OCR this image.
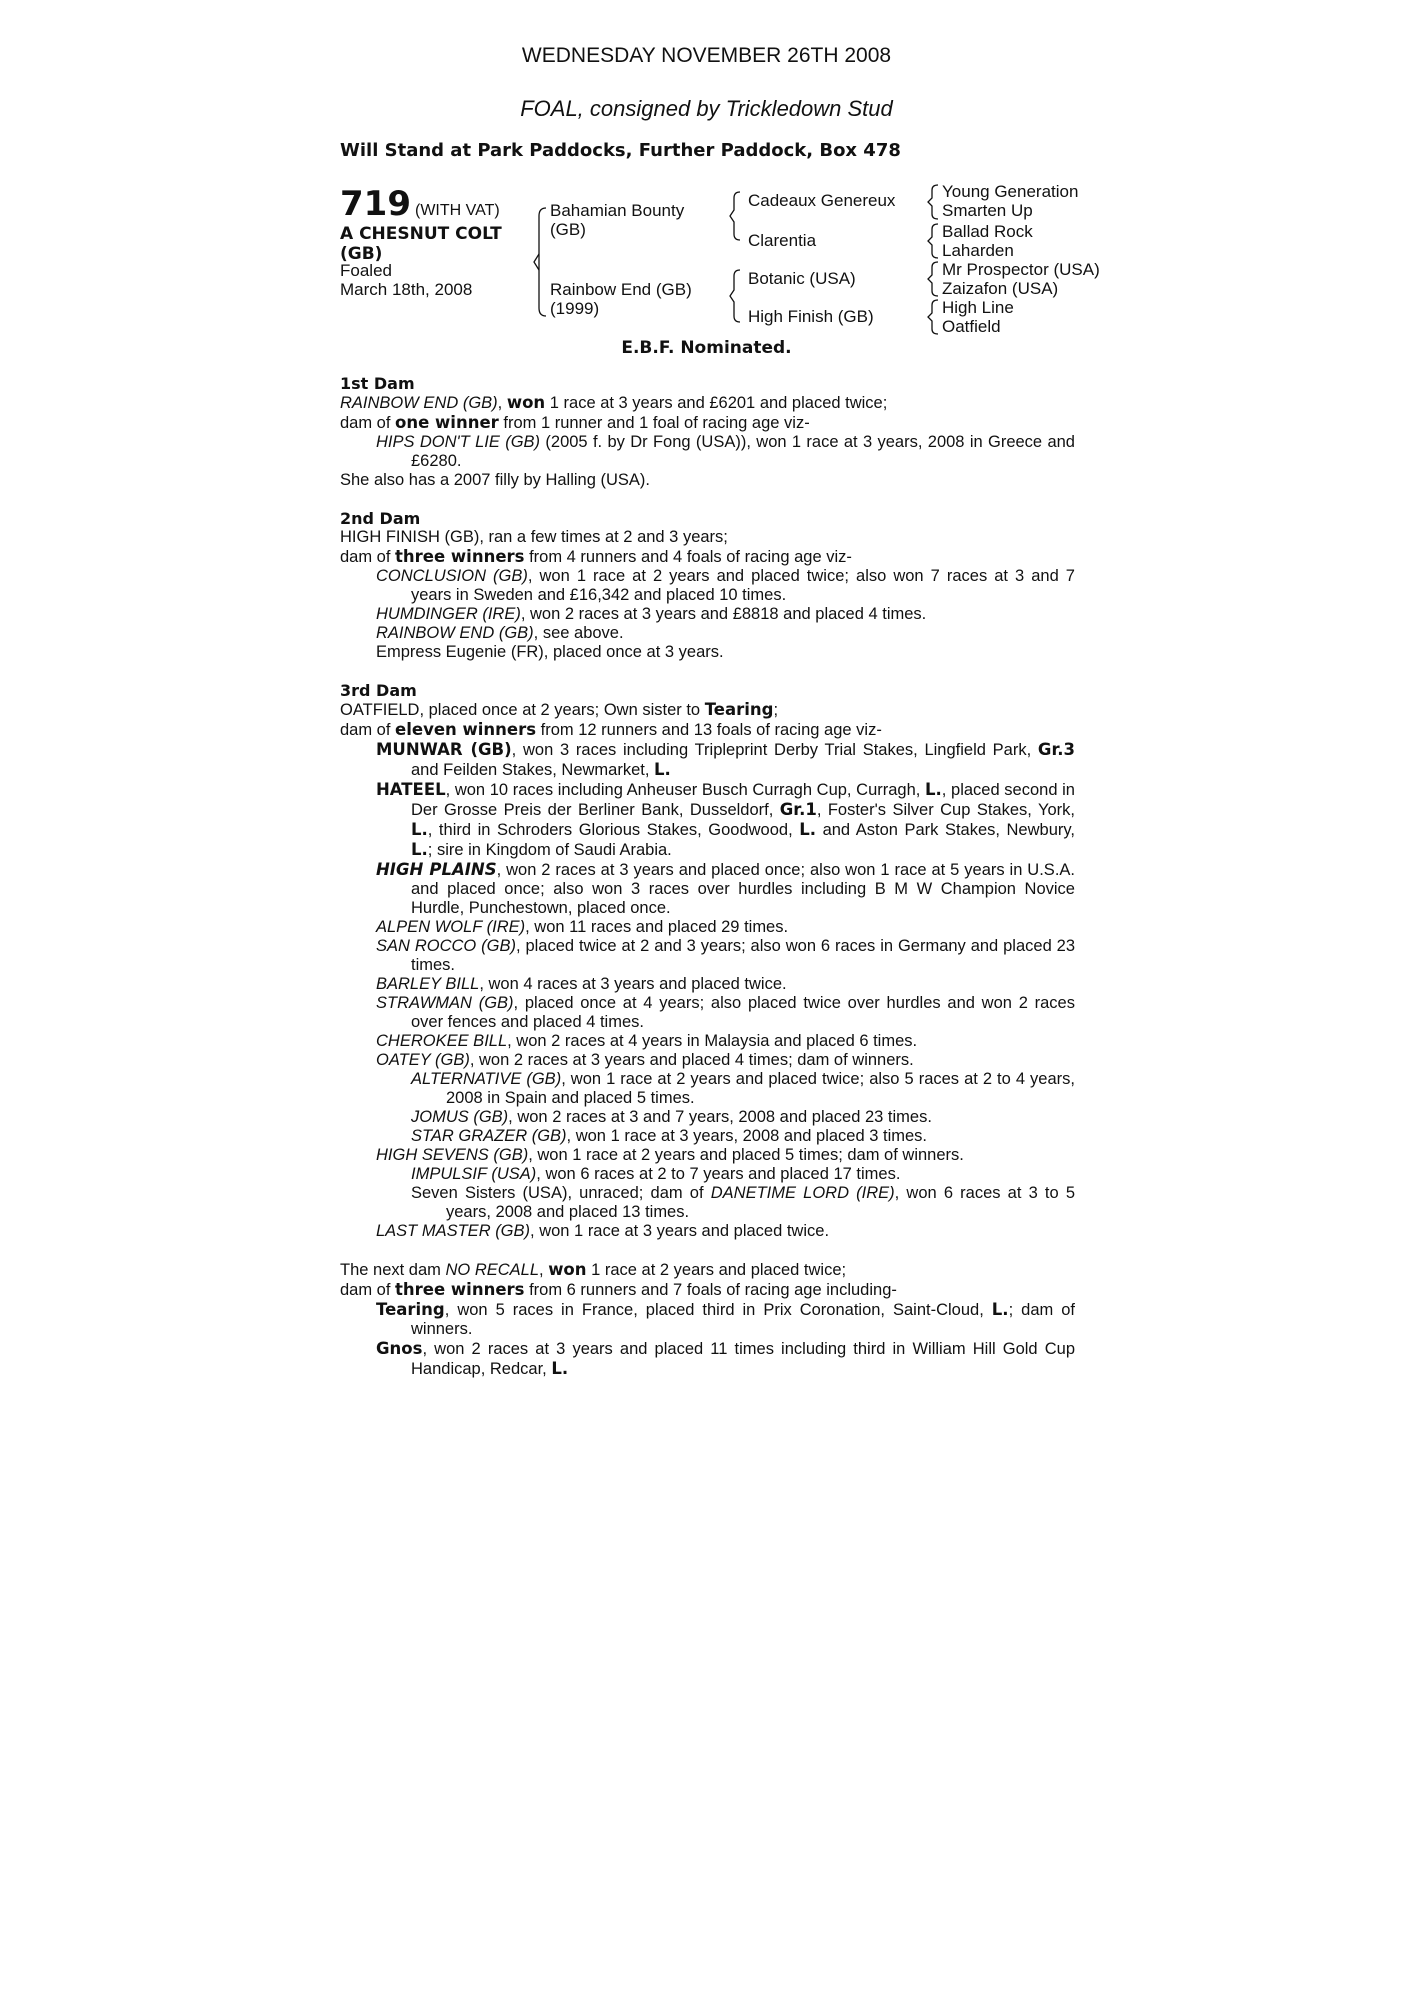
WEDNESDAY NOVEMBER 26TH 2008
FOAL, consigned by Trickledown Stud
Will Stand at Park Paddocks, Further Paddock, Box 478
719 (WITH VAT)
A CHESNUT COLT
(GB)
Foaled
March 18th, 2008
Bahamian Bounty
(GB)
Rainbow End (GB)
(1999)
Cadeaux Genereux
Clarentia
Botanic (USA)
High Finish (GB)
Young Generation
Smarten Up
Ballad Rock
Laharden
Mr Prospector (USA)
Zaizafon (USA)
High Line
Oatfield
E.B.F. Nominated.
1st Dam
RAINBOW END (GB), won 1 race at 3 years and £6201 and placed twice;
dam of one winner from 1 runner and 1 foal of racing age viz-
HIPS DON'T LIE (GB) (2005 f. by Dr Fong (USA)), won 1 race at 3 years, 2008 in Greece and £6280.
She also has a 2007 filly by Halling (USA).
2nd Dam
HIGH FINISH (GB), ran a few times at 2 and 3 years;
dam of three winners from 4 runners and 4 foals of racing age viz-
CONCLUSION (GB), won 1 race at 2 years and placed twice; also won 7 races at 3 and 7 years in Sweden and £16,342 and placed 10 times.
HUMDINGER (IRE), won 2 races at 3 years and £8818 and placed 4 times.
RAINBOW END (GB), see above.
Empress Eugenie (FR), placed once at 3 years.
3rd Dam
OATFIELD, placed once at 2 years; Own sister to Tearing;
dam of eleven winners from 12 runners and 13 foals of racing age viz-
MUNWAR (GB), won 3 races including Tripleprint Derby Trial Stakes, Lingfield Park, Gr.3 and Feilden Stakes, Newmarket, L.
HATEEL, won 10 races including Anheuser Busch Curragh Cup, Curragh, L., placed second in Der Grosse Preis der Berliner Bank, Dusseldorf, Gr.1, Foster's Silver Cup Stakes, York, L., third in Schroders Glorious Stakes, Goodwood, L. and Aston Park Stakes, Newbury, L.; sire in Kingdom of Saudi Arabia.
HIGH PLAINS, won 2 races at 3 years and placed once; also won 1 race at 5 years in U.S.A. and placed once; also won 3 races over hurdles including B M W Champion Novice Hurdle, Punchestown, placed once.
ALPEN WOLF (IRE), won 11 races and placed 29 times.
SAN ROCCO (GB), placed twice at 2 and 3 years; also won 6 races in Germany and placed 23 times.
BARLEY BILL, won 4 races at 3 years and placed twice.
STRAWMAN (GB), placed once at 4 years; also placed twice over hurdles and won 2 races over fences and placed 4 times.
CHEROKEE BILL, won 2 races at 4 years in Malaysia and placed 6 times.
OATEY (GB), won 2 races at 3 years and placed 4 times; dam of winners.
ALTERNATIVE (GB), won 1 race at 2 years and placed twice; also 5 races at 2 to 4 years, 2008 in Spain and placed 5 times.
JOMUS (GB), won 2 races at 3 and 7 years, 2008 and placed 23 times.
STAR GRAZER (GB), won 1 race at 3 years, 2008 and placed 3 times.
HIGH SEVENS (GB), won 1 race at 2 years and placed 5 times; dam of winners.
IMPULSIF (USA), won 6 races at 2 to 7 years and placed 17 times.
Seven Sisters (USA), unraced; dam of DANETIME LORD (IRE), won 6 races at 3 to 5 years, 2008 and placed 13 times.
LAST MASTER (GB), won 1 race at 3 years and placed twice.
The next dam NO RECALL, won 1 race at 2 years and placed twice;
dam of three winners from 6 runners and 7 foals of racing age including-
Tearing, won 5 races in France, placed third in Prix Coronation, Saint-Cloud, L.; dam of winners.
Gnos, won 2 races at 3 years and placed 11 times including third in William Hill Gold Cup Handicap, Redcar, L.
